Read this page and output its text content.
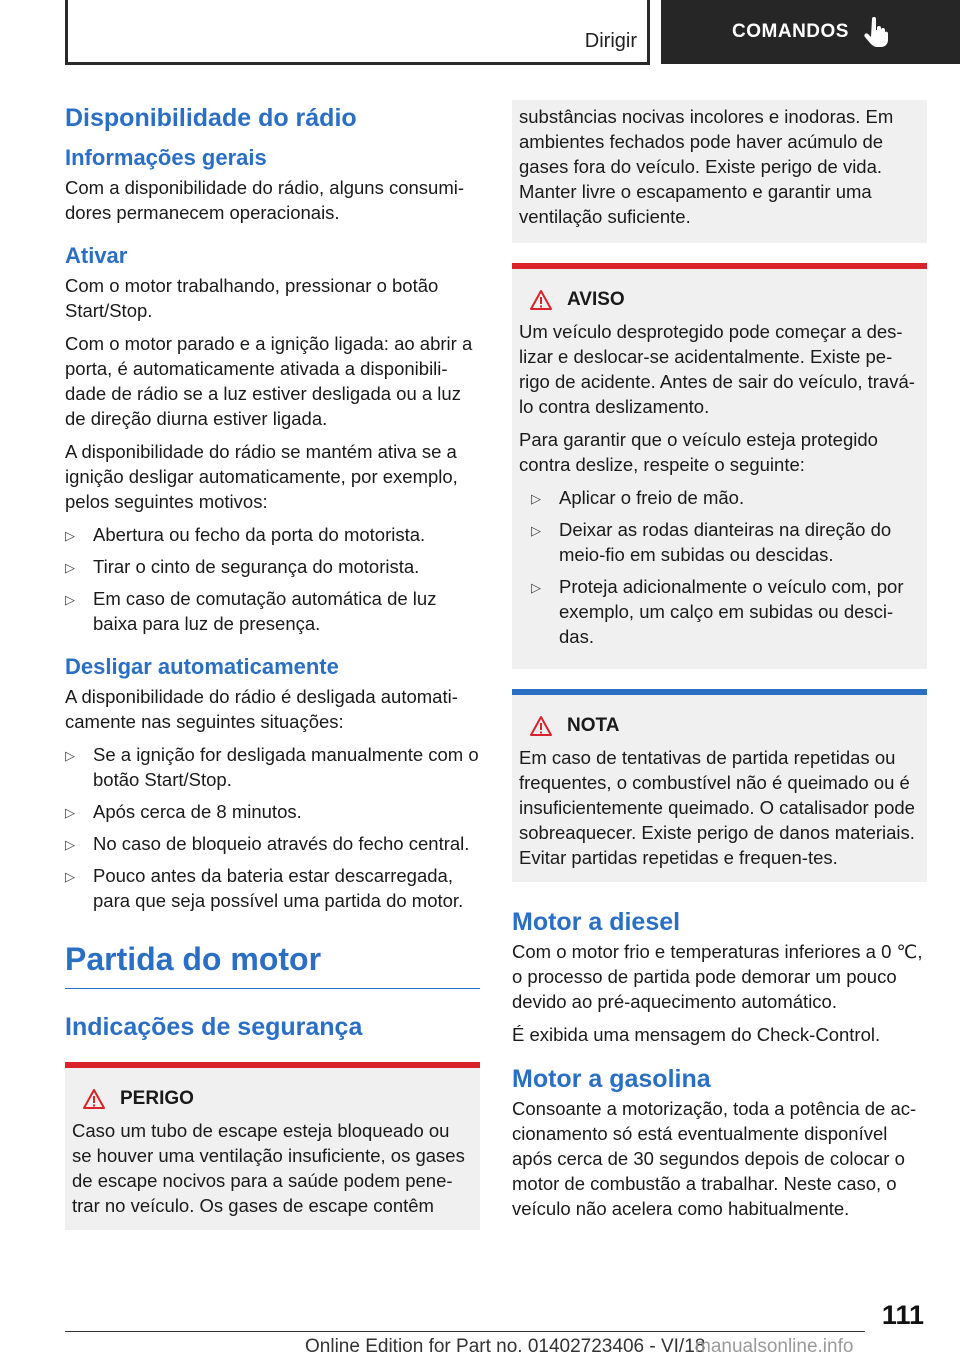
Dirigir	COMANDOS
Disponibilidade do rádio
Informações gerais

Com a disponibilidade do rádio, alguns consumi-dores permanecem operacionais.

Ativar

Com o motor trabalhando, pressionar o botão Start/Stop.

Com o motor parado e a ignição ligada: ao abrir a porta, é automaticamente ativada a disponibili-dade de rádio se a luz estiver desligada ou a luz de direção diurna estiver ligada.

A disponibilidade do rádio se mantém ativa se a ignição desligar automaticamente, por exemplo, pelos seguintes motivos:

▷ Abertura ou fecho da porta do motorista.
▷ Tirar o cinto de segurança do motorista.
▷ Em caso de comutação automática de luz baixa para luz de presença.
Desligar automaticamente

A disponibilidade do rádio é desligada automati-camente nas seguintes situações:

▷ Se a ignição for desligada manualmente com o botão Start/Stop.
▷ Após cerca de 8 minutos.
▷ No caso de bloqueio através do fecho central.
▷ Pouco antes da bateria estar descarregada, para que seja possível uma partida do motor.
Partida do motor
Indicações de segurança
PERIGO

Caso um tubo de escape esteja bloqueado ou se houver uma ventilação insuficiente, os gases de escape nocivos para a saúde podem pene-trar no veículo. Os gases de escape contêm

substâncias nocivas incolores e inodoras. Em ambientes fechados pode haver acúmulo de gases fora do veículo. Existe perigo de vida. Manter livre o escapamento e garantir uma ventilação suficiente.

AVISO

Um veículo desprotegido pode começar a des-lizar e deslocar-se acidentalmente. Existe pe-rigo de acidente. Antes de sair do veículo, travá-lo contra deslizamento.

Para garantir que o veículo esteja protegido contra deslize, respeite o seguinte:

▷ Aplicar o freio de mão.
▷ Deixar as rodas dianteiras na direção do meio-fio em subidas ou descidas.
▷ Proteja adicionalmente o veículo com, por exemplo, um calço em subidas ou desci-das.
NOTA

Em caso de tentativas de partida repetidas ou frequentes, o combustível não é queimado ou é insuficientemente queimado. O catalisador pode sobreaquecer. Existe perigo de danos materiais. Evitar partidas repetidas e frequen-tes.

Motor a diesel

Com o motor frio e temperaturas inferiores a 0 ℃, o processo de partida pode demorar um pouco devido ao pré-aquecimento automático.

É exibida uma mensagem do Check-Control.

Motor a gasolina

Consoante a motorização, toda a potência de ac-cionamento só está eventualmente disponível após cerca de 30 segundos depois de colocar o motor de combustão a trabalhar. Neste caso, o veículo não acelera como habitualmente.

111
Online Edition for Part no. 01402723406 - VI/18
manualsonline.info
